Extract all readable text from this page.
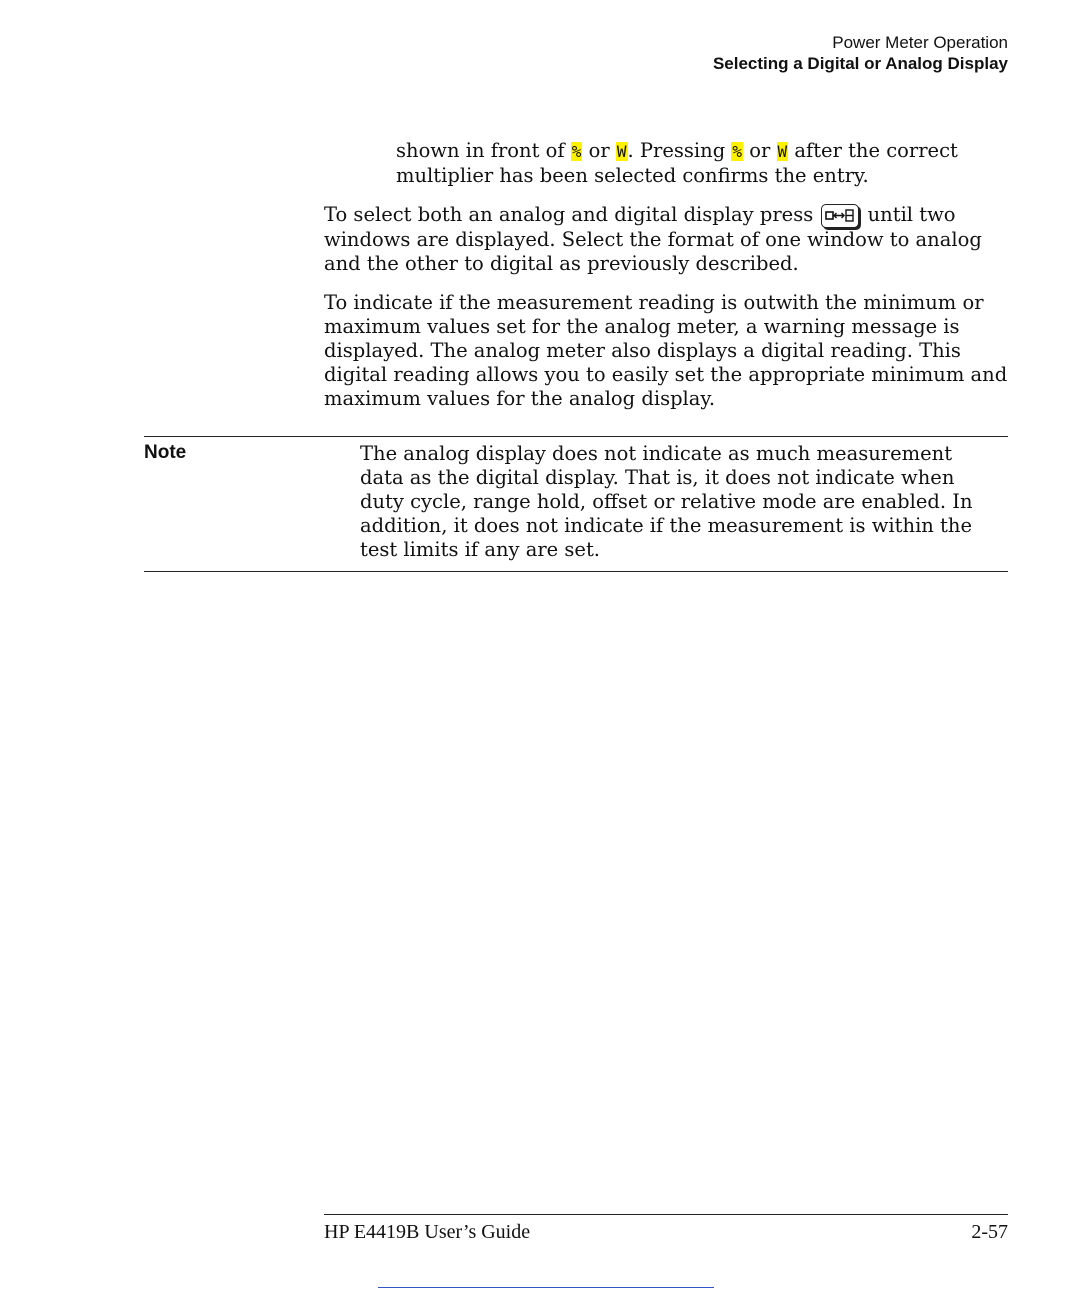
Power Meter Operation
Selecting a Digital or Analog Display

shown in front of % or W. Pressing % or W after the correct multiplier has been selected confirms the entry.

To select both an analog and digital display press
until two windows are displayed. Select the format of one window to analog and the other to digital as previously described.

To indicate if the measurement reading is outwith the minimum or maximum values set for the analog meter, a warning message is displayed. The analog meter also displays a digital reading. This digital reading allows you to easily set the appropriate minimum and maximum values for the analog display.

Note	The analog display does not indicate as much measurement data as the digital display. That is, it does not indicate when duty cycle, range hold, offset or relative mode are enabled. In addition, it does not indicate if the measurement is within the test limits if any are set.

HP E4419B User’s Guide	2-57
